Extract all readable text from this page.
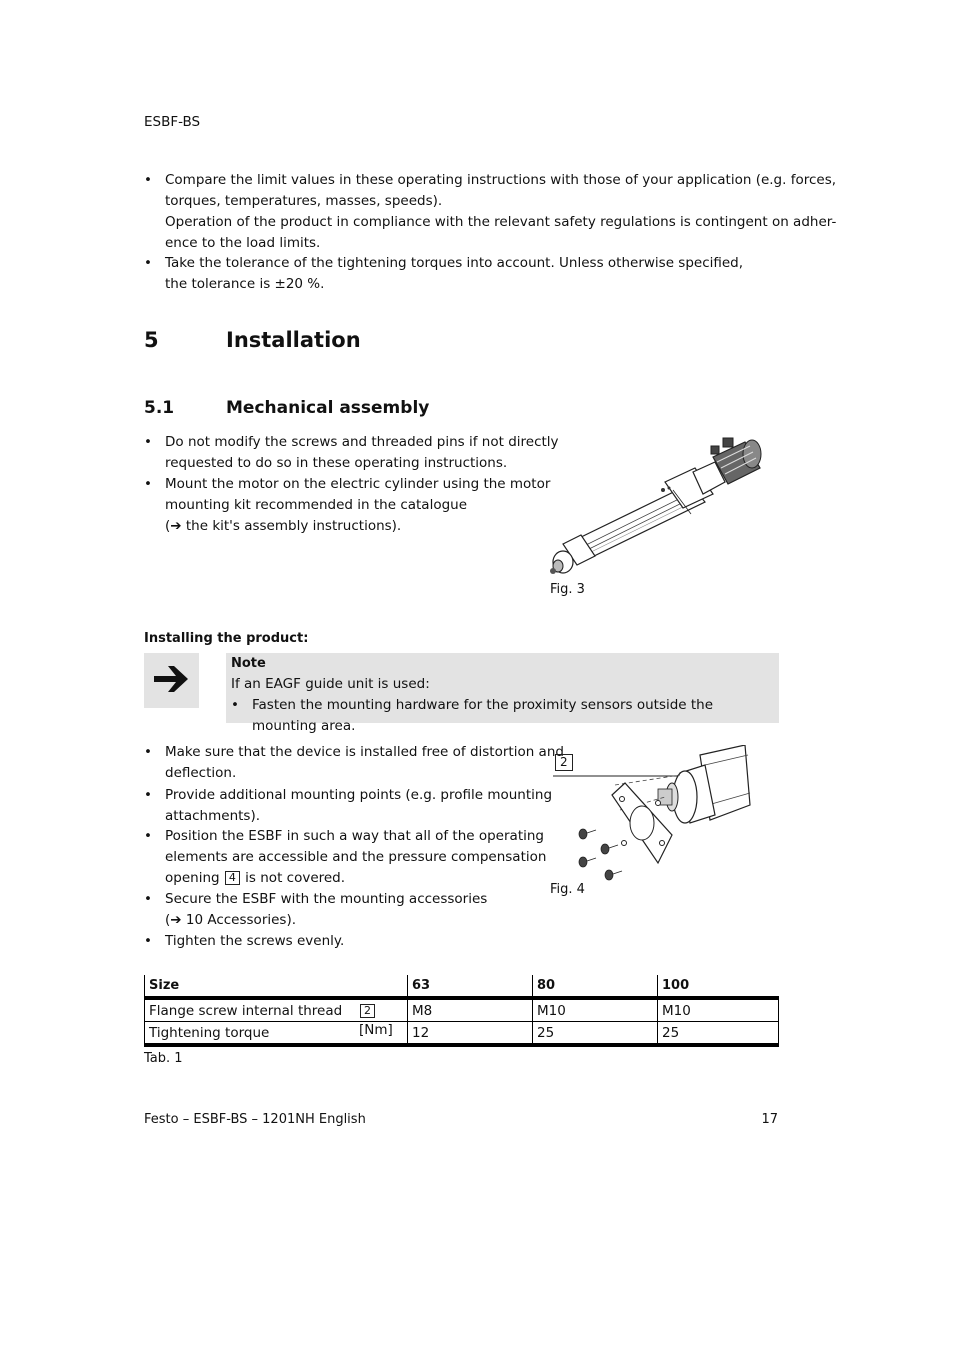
ESBF-BS
• Compare the limit values in these operating instructions with those of your application (e.g. forces,
torques, temperatures, masses, speeds).
Operation of the product in compliance with the relevant safety regulations is contingent on adher-
ence to the load limits.
• Take the tolerance of the tightening torques into account. Unless otherwise specified,
the tolerance is ±20 %.
5	Installation
5.1	Mechanical assembly
• Do not modify the screws and threaded pins if not directly
requested to do so in these operating instructions.
• Mount the motor on the electric cylinder using the motor
mounting kit recommended in the catalogue
(➔ the kit's assembly instructions).
Fig. 3
Installing the product:
Note
If an EAGF guide unit is used:
• Fasten the mounting hardware for the proximity sensors outside the mounting area.
• Make sure that the device is installed free of distortion and
deflection.
• Provide additional mounting points (e.g. profile mounting
attachments).
• Position the ESBF in such a way that all of the operating
elements are accessible and the pressure compensation
opening 4 is not covered.
• Secure the ESBF with the mounting accessories
(➔ 10 Accessories).
• Tighten the screws evenly.
2
Fig. 4
Size	63	80	100
Flange screw internal thread 2	M8	M10	M10
Tightening torque [Nm]	12	25	25
Tab. 1
Festo – ESBF-BS – 1201NH English	17
